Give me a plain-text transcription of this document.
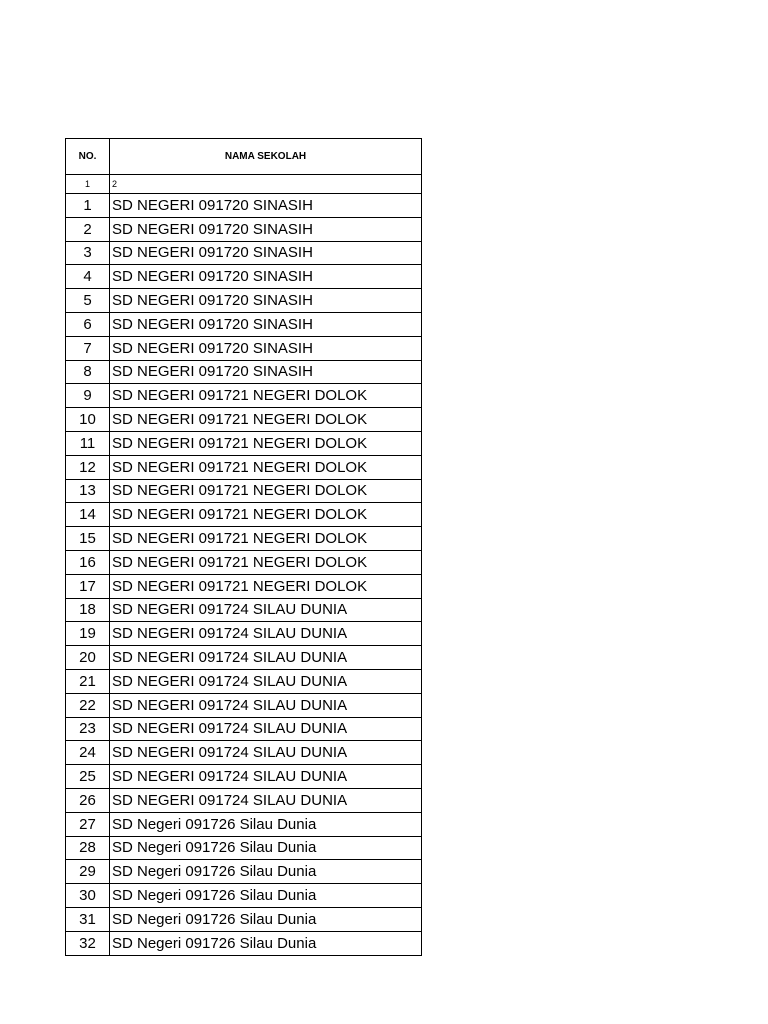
NO.	NAMA SEKOLAH
1	2
1	SD NEGERI 091720 SINASIH
2	SD NEGERI 091720 SINASIH
3	SD NEGERI 091720 SINASIH
4	SD NEGERI 091720 SINASIH
5	SD NEGERI 091720 SINASIH
6	SD NEGERI 091720 SINASIH
7	SD NEGERI 091720 SINASIH
8	SD NEGERI 091720 SINASIH
9	SD NEGERI 091721 NEGERI DOLOK
10	SD NEGERI 091721 NEGERI DOLOK
11	SD NEGERI 091721 NEGERI DOLOK
12	SD NEGERI 091721 NEGERI DOLOK
13	SD NEGERI 091721 NEGERI DOLOK
14	SD NEGERI 091721 NEGERI DOLOK
15	SD NEGERI 091721 NEGERI DOLOK
16	SD NEGERI 091721 NEGERI DOLOK
17	SD NEGERI 091721 NEGERI DOLOK
18	SD NEGERI 091724 SILAU DUNIA
19	SD NEGERI 091724 SILAU DUNIA
20	SD NEGERI 091724 SILAU DUNIA
21	SD NEGERI 091724 SILAU DUNIA
22	SD NEGERI 091724 SILAU DUNIA
23	SD NEGERI 091724 SILAU DUNIA
24	SD NEGERI 091724 SILAU DUNIA
25	SD NEGERI 091724 SILAU DUNIA
26	SD NEGERI 091724 SILAU DUNIA
27	SD Negeri 091726 Silau Dunia
28	SD Negeri 091726 Silau Dunia
29	SD Negeri 091726 Silau Dunia
30	SD Negeri 091726 Silau Dunia
31	SD Negeri 091726 Silau Dunia
32	SD Negeri 091726 Silau Dunia
